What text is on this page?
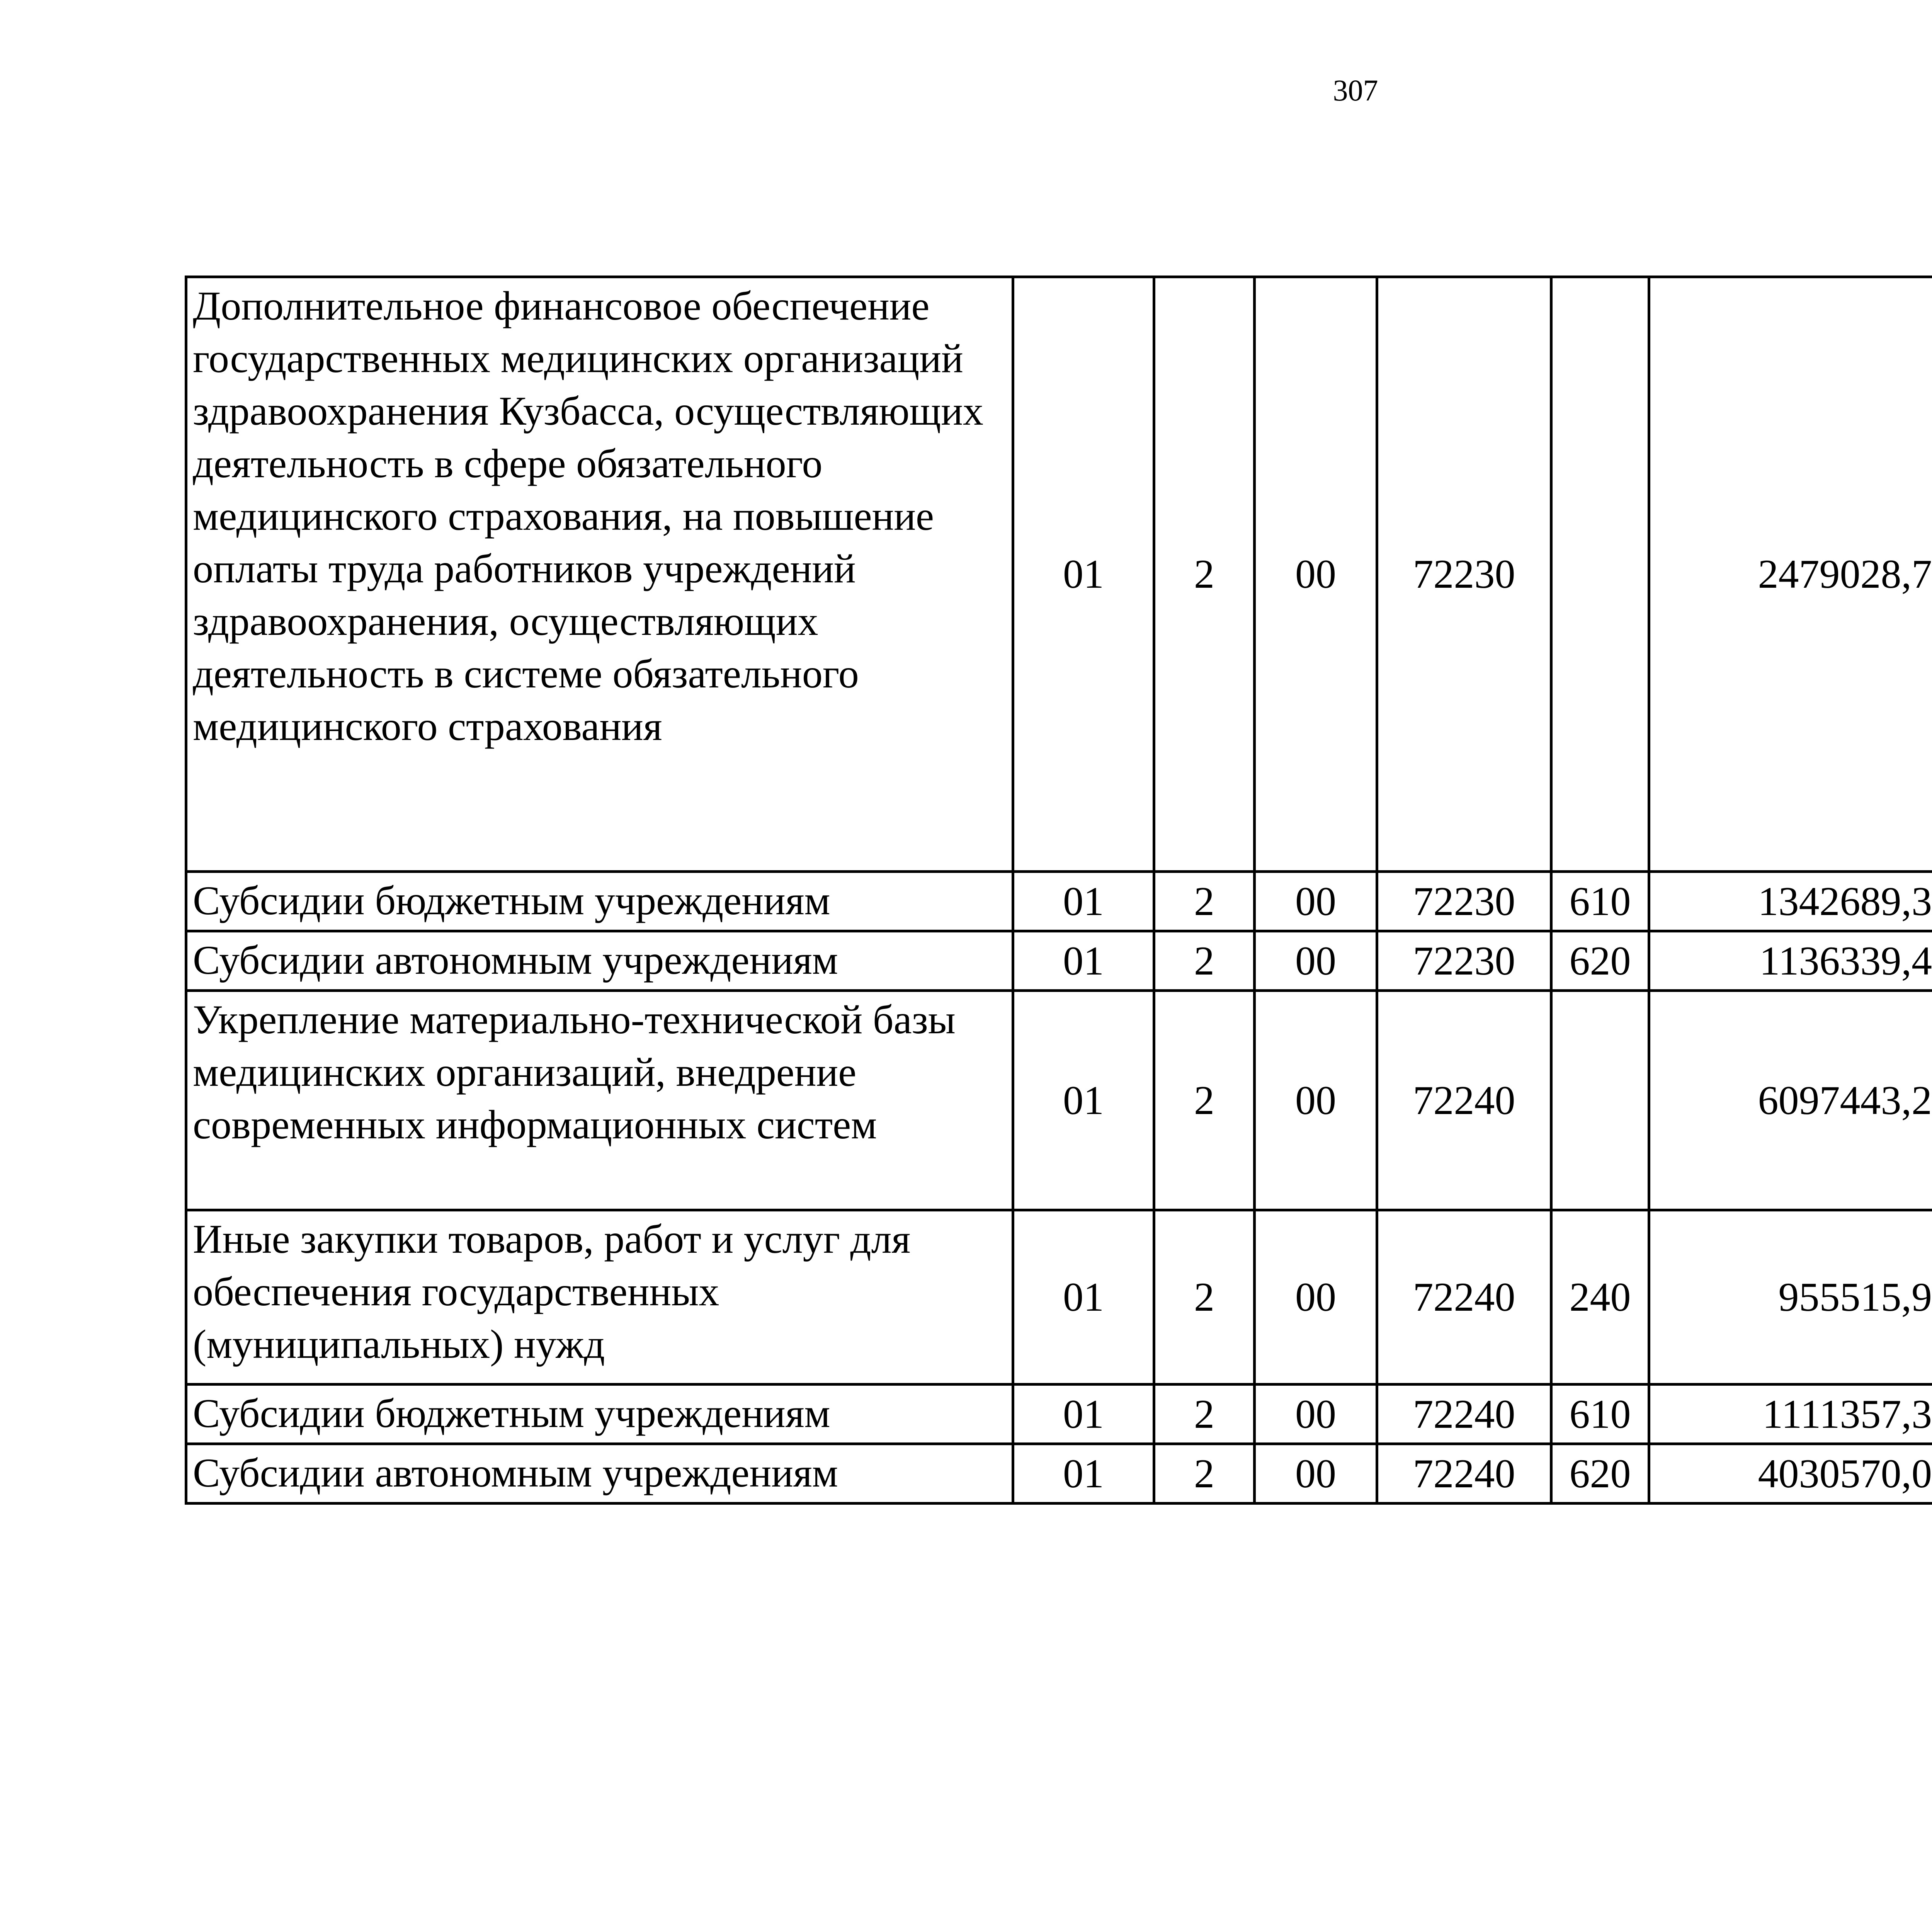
307
Дополнительное финансовое обеспечение государственных медицинских организаций здравоохранения Кузбасса, осуществляющих деятельность в сфере обязательного медицинского страхования, на повышение оплаты труда работников учреждений здравоохранения, осуществляющих деятельность в системе обязательного медицинского страхования	01	2	00	72230		2479028,7		
Субсидии бюджетным учреждениям	01	2	00	72230	610	1342689,3		
Субсидии автономным учреждениям	01	2	00	72230	620	1136339,4		
Укрепление материально-технической базы медицинских организаций, внедрение современных информационных систем	01	2	00	72240		6097443,2		
Иные закупки товаров, работ и услуг для обеспечения государственных (муниципальных) нужд	01	2	00	72240	240	955515,9		
Субсидии бюджетным учреждениям	01	2	00	72240	610	1111357,3		
Субсидии автономным учреждениям	01	2	00	72240	620	4030570,0		
